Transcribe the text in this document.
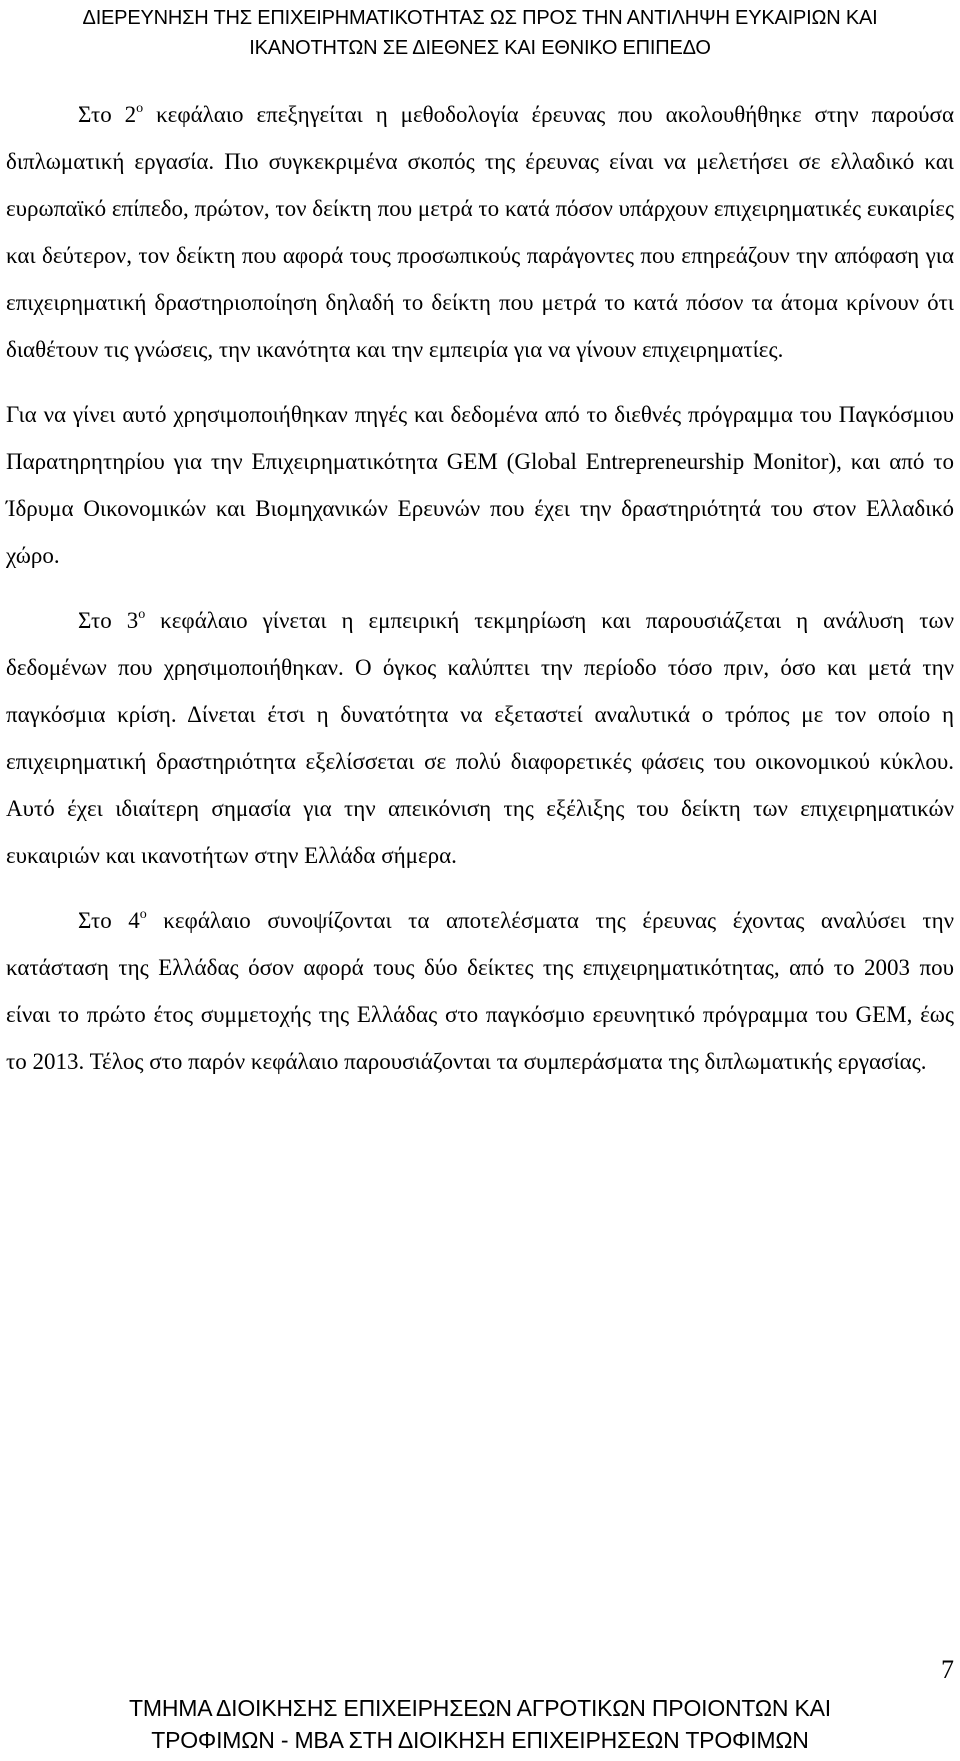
ΔΙΕΡΕΥΝΗΣΗ ΤΗΣ ΕΠΙΧΕΙΡΗΜΑΤΙΚΟΤΗΤΑΣ ΩΣ ΠΡΟΣ ΤΗΝ ΑΝΤΙΛΗΨΗ ΕΥΚΑΙΡΙΩΝ ΚΑΙ
ΙΚΑΝΟΤΗΤΩΝ ΣΕ ΔΙΕΘΝΕΣ ΚΑΙ ΕΘΝΙΚΟ ΕΠΙΠΕΔΟ

Στο $2^o$ κεφάλαιο επεξηγείται η μεθοδολογία έρευνας που ακολουθήθηκε στην παρούσα διπλωματική εργασία. Πιο συγκεκριμένα σκοπός της έρευνας είναι να μελετήσει σε ελλαδικό και ευρωπαϊκό επίπεδο, πρώτον, τον δείκτη που μετρά το κατά πόσον υπάρχουν επιχειρηματικές ευκαιρίες και δεύτερον, τον δείκτη που αφορά τους προσωπικούς παράγοντες που επηρεάζουν την απόφαση για επιχειρηματική δραστηριοποίηση δηλαδή το δείκτη που μετρά το κατά πόσον τα άτομα κρίνουν ότι διαθέτουν τις γνώσεις, την ικανότητα και την εμπειρία για να γίνουν επιχειρηματίες.

Για να γίνει αυτό χρησιμοποιήθηκαν πηγές και δεδομένα από το διεθνές πρόγραμμα του Παγκόσμιου Παρατηρητηρίου για την Επιχειρηματικότητα GEM (Global Entrepreneurship Monitor), και από το Ίδρυμα Οικονομικών και Βιομηχανικών Ερευνών που έχει την δραστηριότητά του στον Ελλαδικό χώρο.

Στο $3^o$ κεφάλαιο γίνεται η εμπειρική τεκμηρίωση και παρουσιάζεται η ανάλυση των δεδομένων που χρησιμοποιήθηκαν. Ο όγκος καλύπτει την περίοδο τόσο πριν, όσο και μετά την παγκόσμια κρίση. Δίνεται έτσι η δυνατότητα να εξεταστεί αναλυτικά ο τρόπος με τον οποίο η επιχειρηματική δραστηριότητα εξελίσσεται σε πολύ διαφορετικές φάσεις του οικονομικού κύκλου. Αυτό έχει ιδιαίτερη σημασία για την απεικόνιση της εξέλιξης του δείκτη των επιχειρηματικών ευκαιριών και ικανοτήτων στην Ελλάδα σήμερα.

Στο $4^o$ κεφάλαιο συνοψίζονται τα αποτελέσματα της έρευνας έχοντας αναλύσει την κατάσταση της Ελλάδας όσον αφορά τους δύο δείκτες της επιχειρηματικότητας, από το 2003 που είναι το πρώτο έτος συμμετοχής της Ελλάδας στο παγκόσμιο ερευνητικό πρόγραμμα του GEM, έως το 2013. Τέλος στο παρόν κεφάλαιο παρουσιάζονται τα συμπεράσματα της διπλωματικής εργασίας.

7
ΤΜΗΜΑ ΔΙΟΙΚΗΣΗΣ ΕΠΙΧΕΙΡΗΣΕΩΝ ΑΓΡΟΤΙΚΩΝ ΠΡΟΙΟΝΤΩΝ ΚΑΙ
ΤΡΟΦΙΜΩΝ - ΜΒΑ ΣΤΗ ΔΙΟΙΚΗΣΗ ΕΠΙΧΕΙΡΗΣΕΩΝ ΤΡΟΦΙΜΩΝ
